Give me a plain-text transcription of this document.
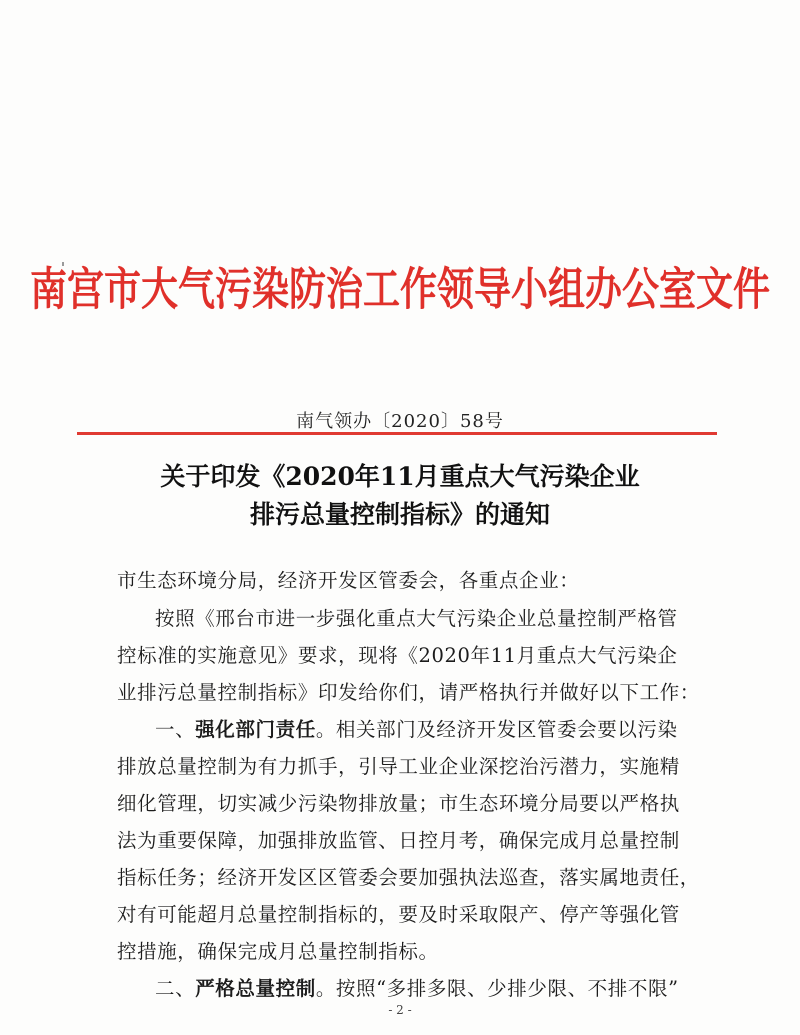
南宫市大气污染防治工作领导小组办公室文件
南气领办〔2020〕58号
关于印发《2020年11月重点大气污染企业
排污总量控制指标》的通知
市生态环境分局，经济开发区管委会，各重点企业：
按照《邢台市进一步强化重点大气污染企业总量控制严格管
控标准的实施意见》要求，现将《2020年11月重点大气污染企
业排污总量控制指标》印发给你们，请严格执行并做好以下工作：
一、强化部门责任。相关部门及经济开发区管委会要以污染
排放总量控制为有力抓手，引导工业企业深挖治污潜力，实施精
细化管理，切实减少污染物排放量；市生态环境分局要以严格执
法为重要保障，加强排放监管、日控月考，确保完成月总量控制
指标任务；经济开发区区管委会要加强执法巡查，落实属地责任，
对有可能超月总量控制指标的，要及时采取限产、停产等强化管
控措施，确保完成月总量控制指标。
二、严格总量控制。按照“多排多限、少排少限、不排不限”
- 2 -
